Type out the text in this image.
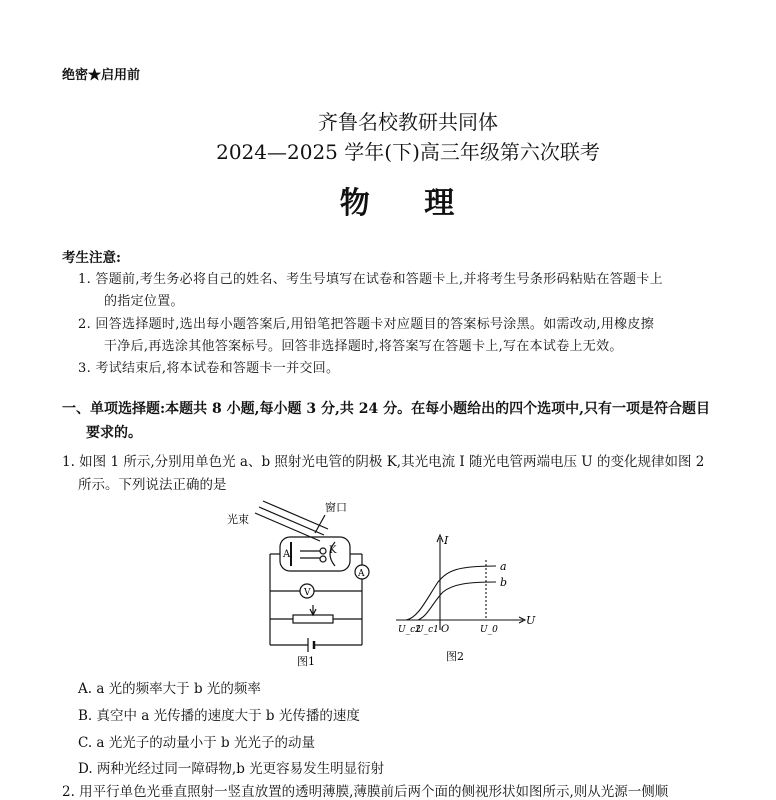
绝密★启用前
齐鲁名校教研共同体
2024—2025 学年(下)高三年级第六次联考
物 理
考生注意:
1. 答题前,考生务必将自己的姓名、考生号填写在试卷和答题卡上,并将考生号条形码粘贴在答题卡上
的指定位置。
2. 回答选择题时,选出每小题答案后,用铅笔把答题卡对应题目的答案标号涂黑。如需改动,用橡皮擦
干净后,再选涂其他答案标号。回答非选择题时,将答案写在答题卡上,写在本试卷上无效。
3. 考试结束后,将本试卷和答题卡一并交回。
一、单项选择题:本题共 8 小题,每小题 3 分,共 24 分。在每小题给出的四个选项中,只有一项是符合题目
要求的。
1. 如图 1 所示,分别用单色光 a、b 照射光电管的阴极 K,其光电流 I 随光电管两端电压 U 的变化规律如图 2
所示。下列说法正确的是
窗口
光束
A	K
V
A
图1
I
U
O
U_c2
U_c1	U_0
a
b
图2
A. a 光的频率大于 b 光的频率
B. 真空中 a 光传播的速度大于 b 光传播的速度
C. a 光光子的动量小于 b 光光子的动量
D. 两种光经过同一障碍物,b 光更容易发生明显衍射
2. 用平行单色光垂直照射一竖直放置的透明薄膜,薄膜前后两个面的侧视形状如图所示,则从光源一侧顺
